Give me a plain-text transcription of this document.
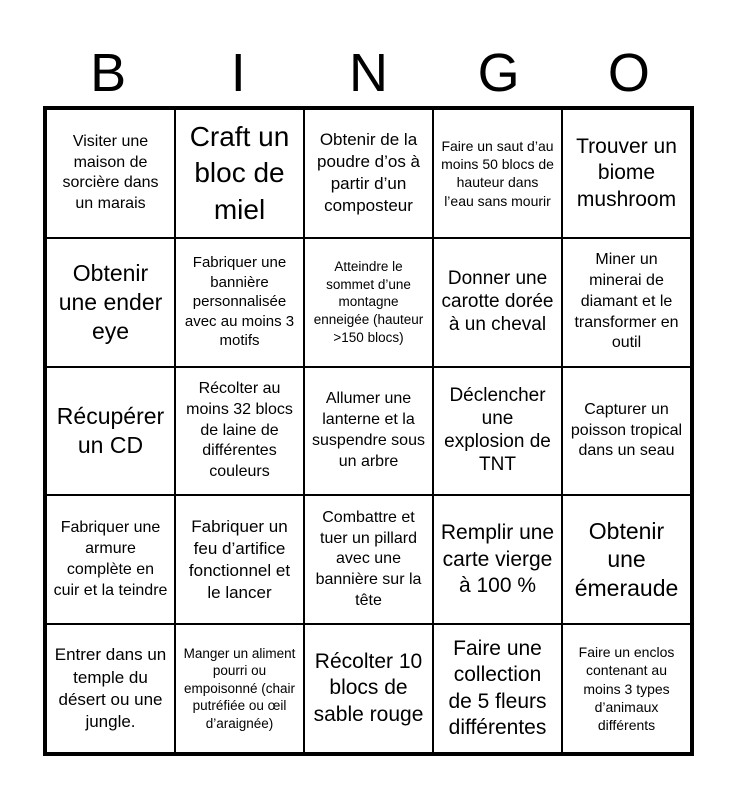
B	I	N	G	O
Visiter une maison de sorcière dans un marais
Craft un bloc de miel
Obtenir de la poudre d’os à partir d’un composteur
Faire un saut d’au moins 50 blocs de hauteur dans l’eau sans mourir
Trouver un biome mushroom
Obtenir une ender eye
Fabriquer une bannière personnalisée avec au moins 3 motifs
Atteindre le sommet d’une montagne enneigée (hauteur >150 blocs)
Donner une carotte dorée à un cheval
Miner un minerai de diamant et le transformer en outil
Récupérer un CD
Récolter au moins 32 blocs de laine de différentes couleurs
Allumer une lanterne et la suspendre sous un arbre
Déclencher une explosion de TNT
Capturer un poisson tropical dans un seau
Fabriquer une armure complète en cuir et la teindre
Fabriquer un feu d’artifice fonctionnel et le lancer
Combattre et tuer un pillard avec une bannière sur la tête
Remplir une carte vierge à 100 %
Obtenir une émeraude
Entrer dans un temple du désert ou une jungle.
Manger un aliment pourri ou empoisonné (chair putréfiée ou œil d’araignée)
Récolter 10 blocs de sable rouge
Faire une collection de 5 fleurs différentes
Faire un enclos contenant au moins 3 types d’animaux différents
